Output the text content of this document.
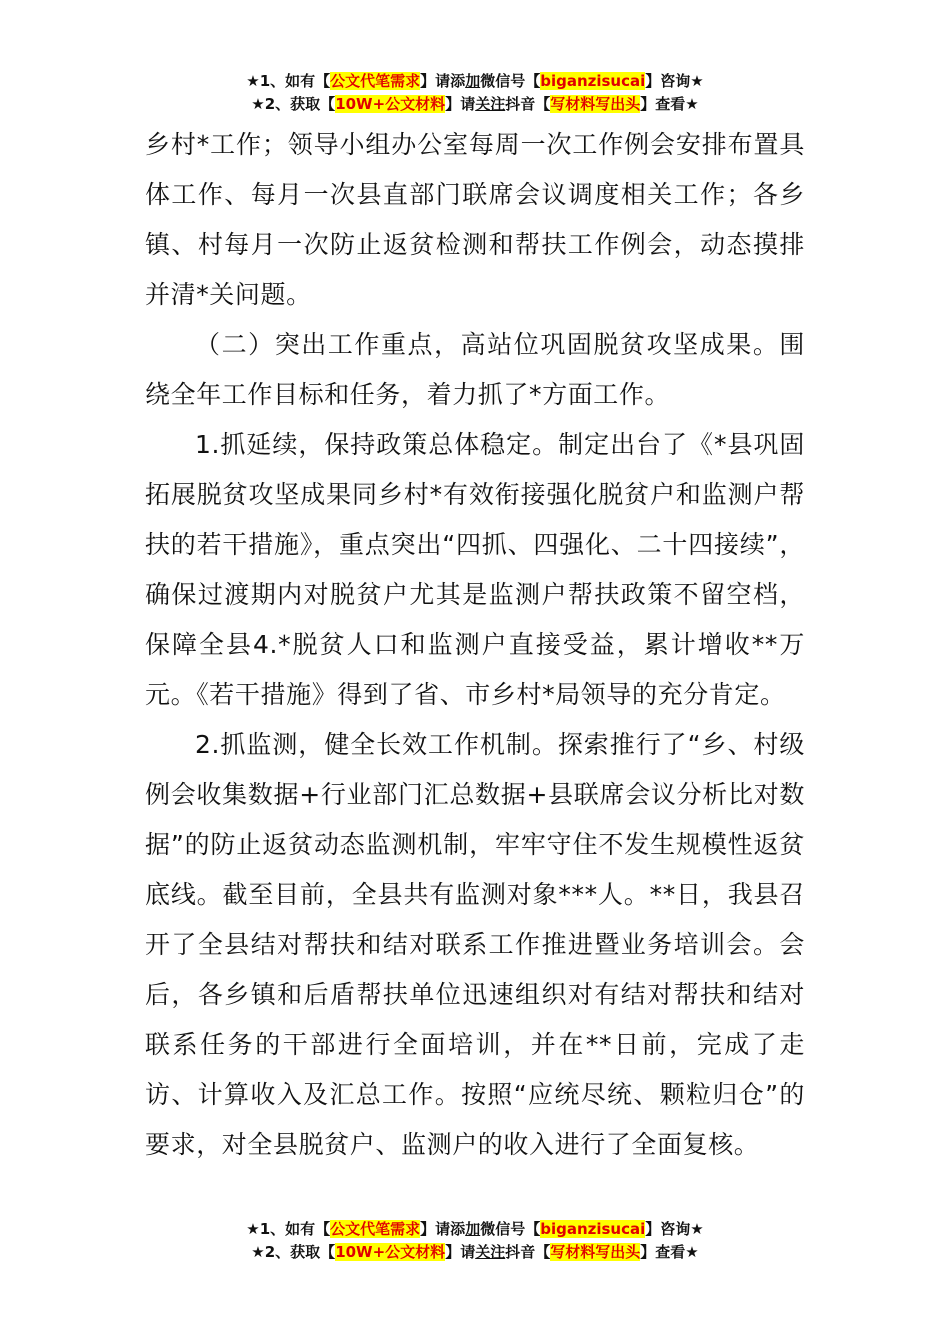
★1、如有【公文代笔需求】请添加微信号【biganzisucai】咨询★
★2、获取【10W+公文材料】请关注抖音【写材料写出头】查看★

乡村*工作；领导小组办公室每周一次工作例会安排布置具体工作、每月一次县直部门联席会议调度相关工作；各乡镇、村每月一次防止返贫检测和帮扶工作例会，动态摸排并清*关问题。

（二）突出工作重点，高站位巩固脱贫攻坚成果。围绕全年工作目标和任务，着力抓了*方面工作。

1.抓延续，保持政策总体稳定。制定出台了《*县巩固拓展脱贫攻坚成果同乡村*有效衔接强化脱贫户和监测户帮扶的若干措施》，重点突出“四抓、四强化、二十四接续”，确保过渡期内对脱贫户尤其是监测户帮扶政策不留空档，保障全县4.*脱贫人口和监测户直接受益，累计增收**万元。《若干措施》得到了省、市乡村*局领导的充分肯定。

2.抓监测，健全长效工作机制。探索推行了“乡、村级例会收集数据+行业部门汇总数据+县联席会议分析比对数据”的防止返贫动态监测机制，牢牢守住不发生规模性返贫底线。截至目前，全县共有监测对象***人。**日，我县召开了全县结对帮扶和结对联系工作推进暨业务培训会。会后，各乡镇和后盾帮扶单位迅速组织对有结对帮扶和结对联系任务的干部进行全面培训，并在**日前，完成了走访、计算收入及汇总工作。按照“应统尽统、颗粒归仓”的要求，对全县脱贫户、监测户的收入进行了全面复核。

★1、如有【公文代笔需求】请添加微信号【biganzisucai】咨询★
★2、获取【10W+公文材料】请关注抖音【写材料写出头】查看★
